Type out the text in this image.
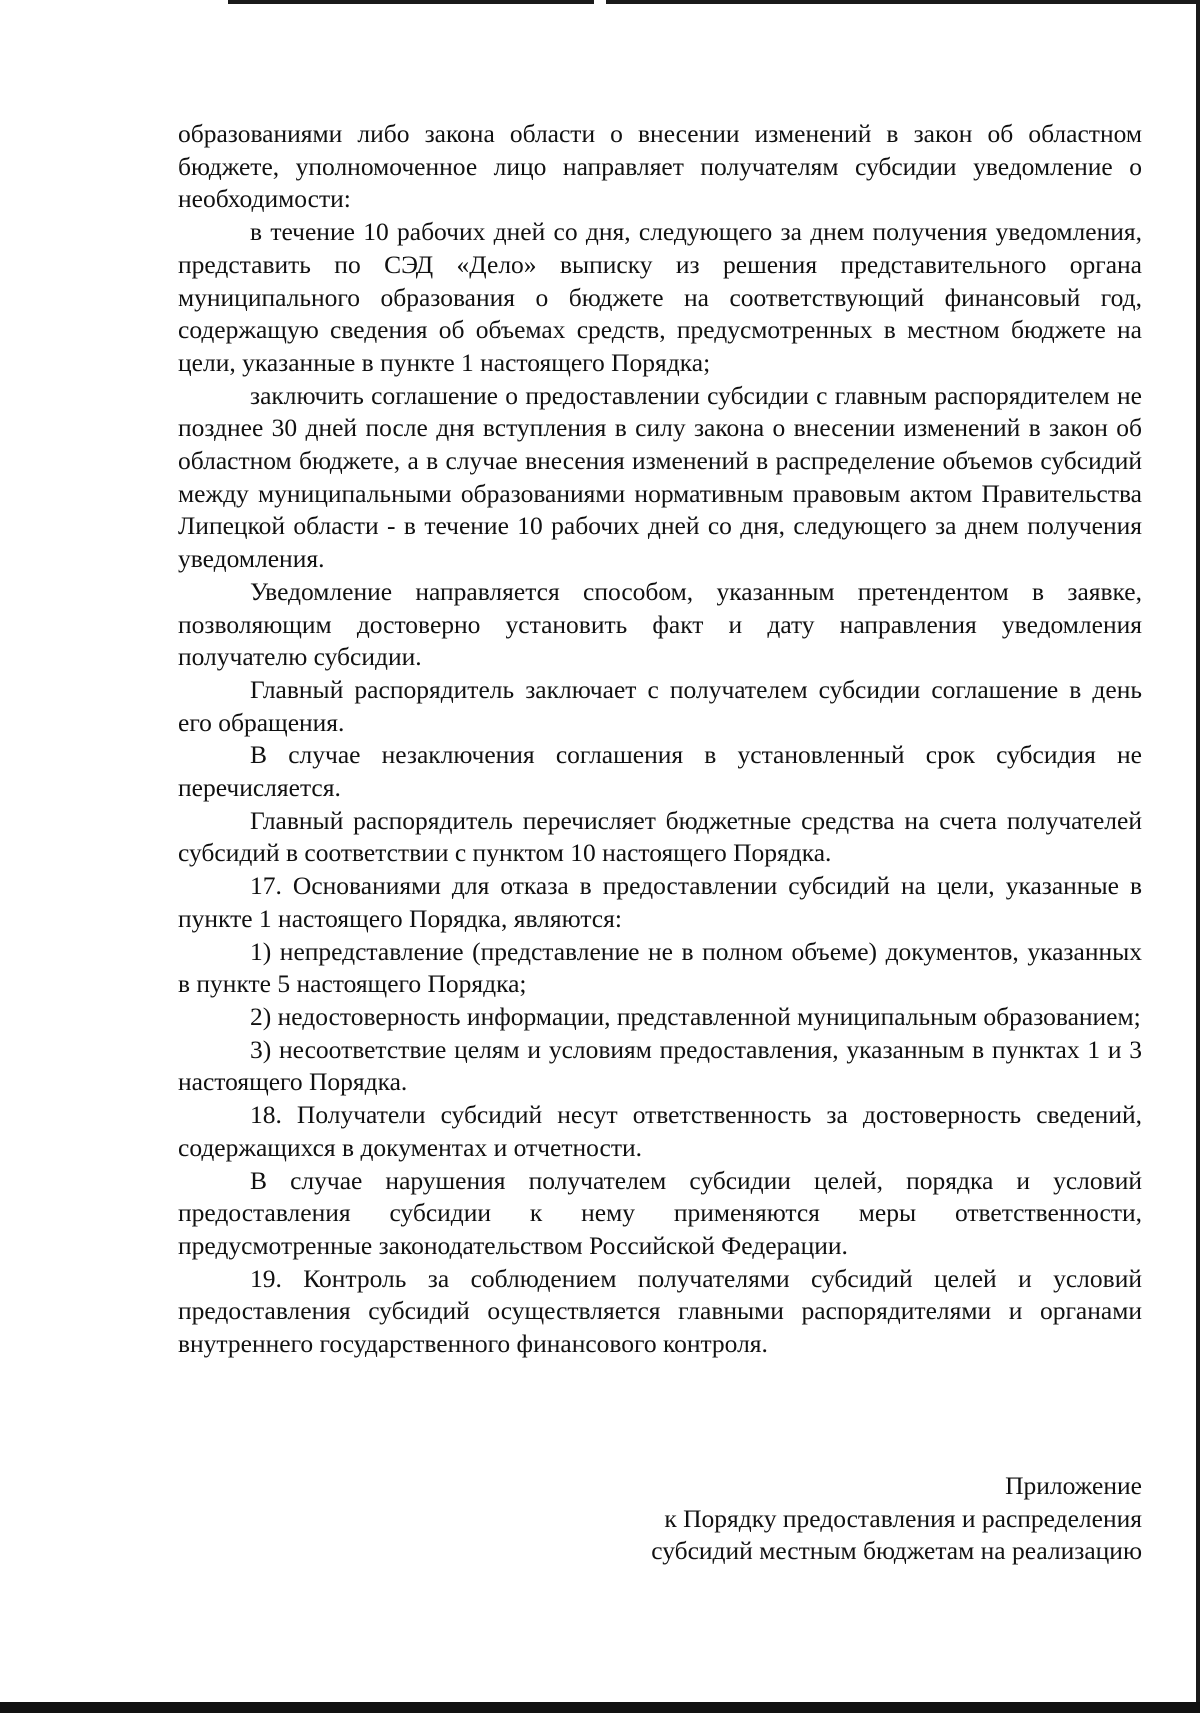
образованиями либо закона области о внесении изменений в закон об областном бюджете, уполномоченное лицо направляет получателям субсидии уведомление о необходимости:

в течение 10 рабочих дней со дня, следующего за днем получения уведомления, представить по СЭД «Дело» выписку из решения представительного органа муниципального образования о бюджете на соответствующий финансовый год, содержащую сведения об объемах средств, предусмотренных в местном бюджете на цели, указанные в пункте 1 настоящего Порядка;

заключить соглашение о предоставлении субсидии с главным распорядителем не позднее 30 дней после дня вступления в силу закона о внесении изменений в закон об областном бюджете, а в случае внесения изменений в распределение объемов субсидий между муниципальными образованиями нормативным правовым актом Правительства Липецкой области - в течение 10 рабочих дней со дня, следующего за днем получения уведомления.

Уведомление направляется способом, указанным претендентом в заявке, позволяющим достоверно установить факт и дату направления уведомления получателю субсидии.

Главный распорядитель заключает с получателем субсидии соглашение в день его обращения.

В случае незаключения соглашения в установленный срок субсидия не перечисляется.

Главный распорядитель перечисляет бюджетные средства на счета получателей субсидий в соответствии с пунктом 10 настоящего Порядка.

17. Основаниями для отказа в предоставлении субсидий на цели, указанные в пункте 1 настоящего Порядка, являются:

1) непредставление (представление не в полном объеме) документов, указанных в пункте 5 настоящего Порядка;

2) недостоверность информации, представленной муниципальным образованием;

3) несоответствие целям и условиям предоставления, указанным в пунктах 1 и 3 настоящего Порядка.

18. Получатели субсидий несут ответственность за достоверность сведений, содержащихся в документах и отчетности.

В случае нарушения получателем субсидии целей, порядка и условий предоставления субсидии к нему применяются меры ответственности, предусмотренные законодательством Российской Федерации.

19. Контроль за соблюдением получателями субсидий целей и условий предоставления субсидий осуществляется главными распорядителями и органами внутреннего государственного финансового контроля.

Приложение
к Порядку предоставления и распределения
субсидий местным бюджетам на реализацию
